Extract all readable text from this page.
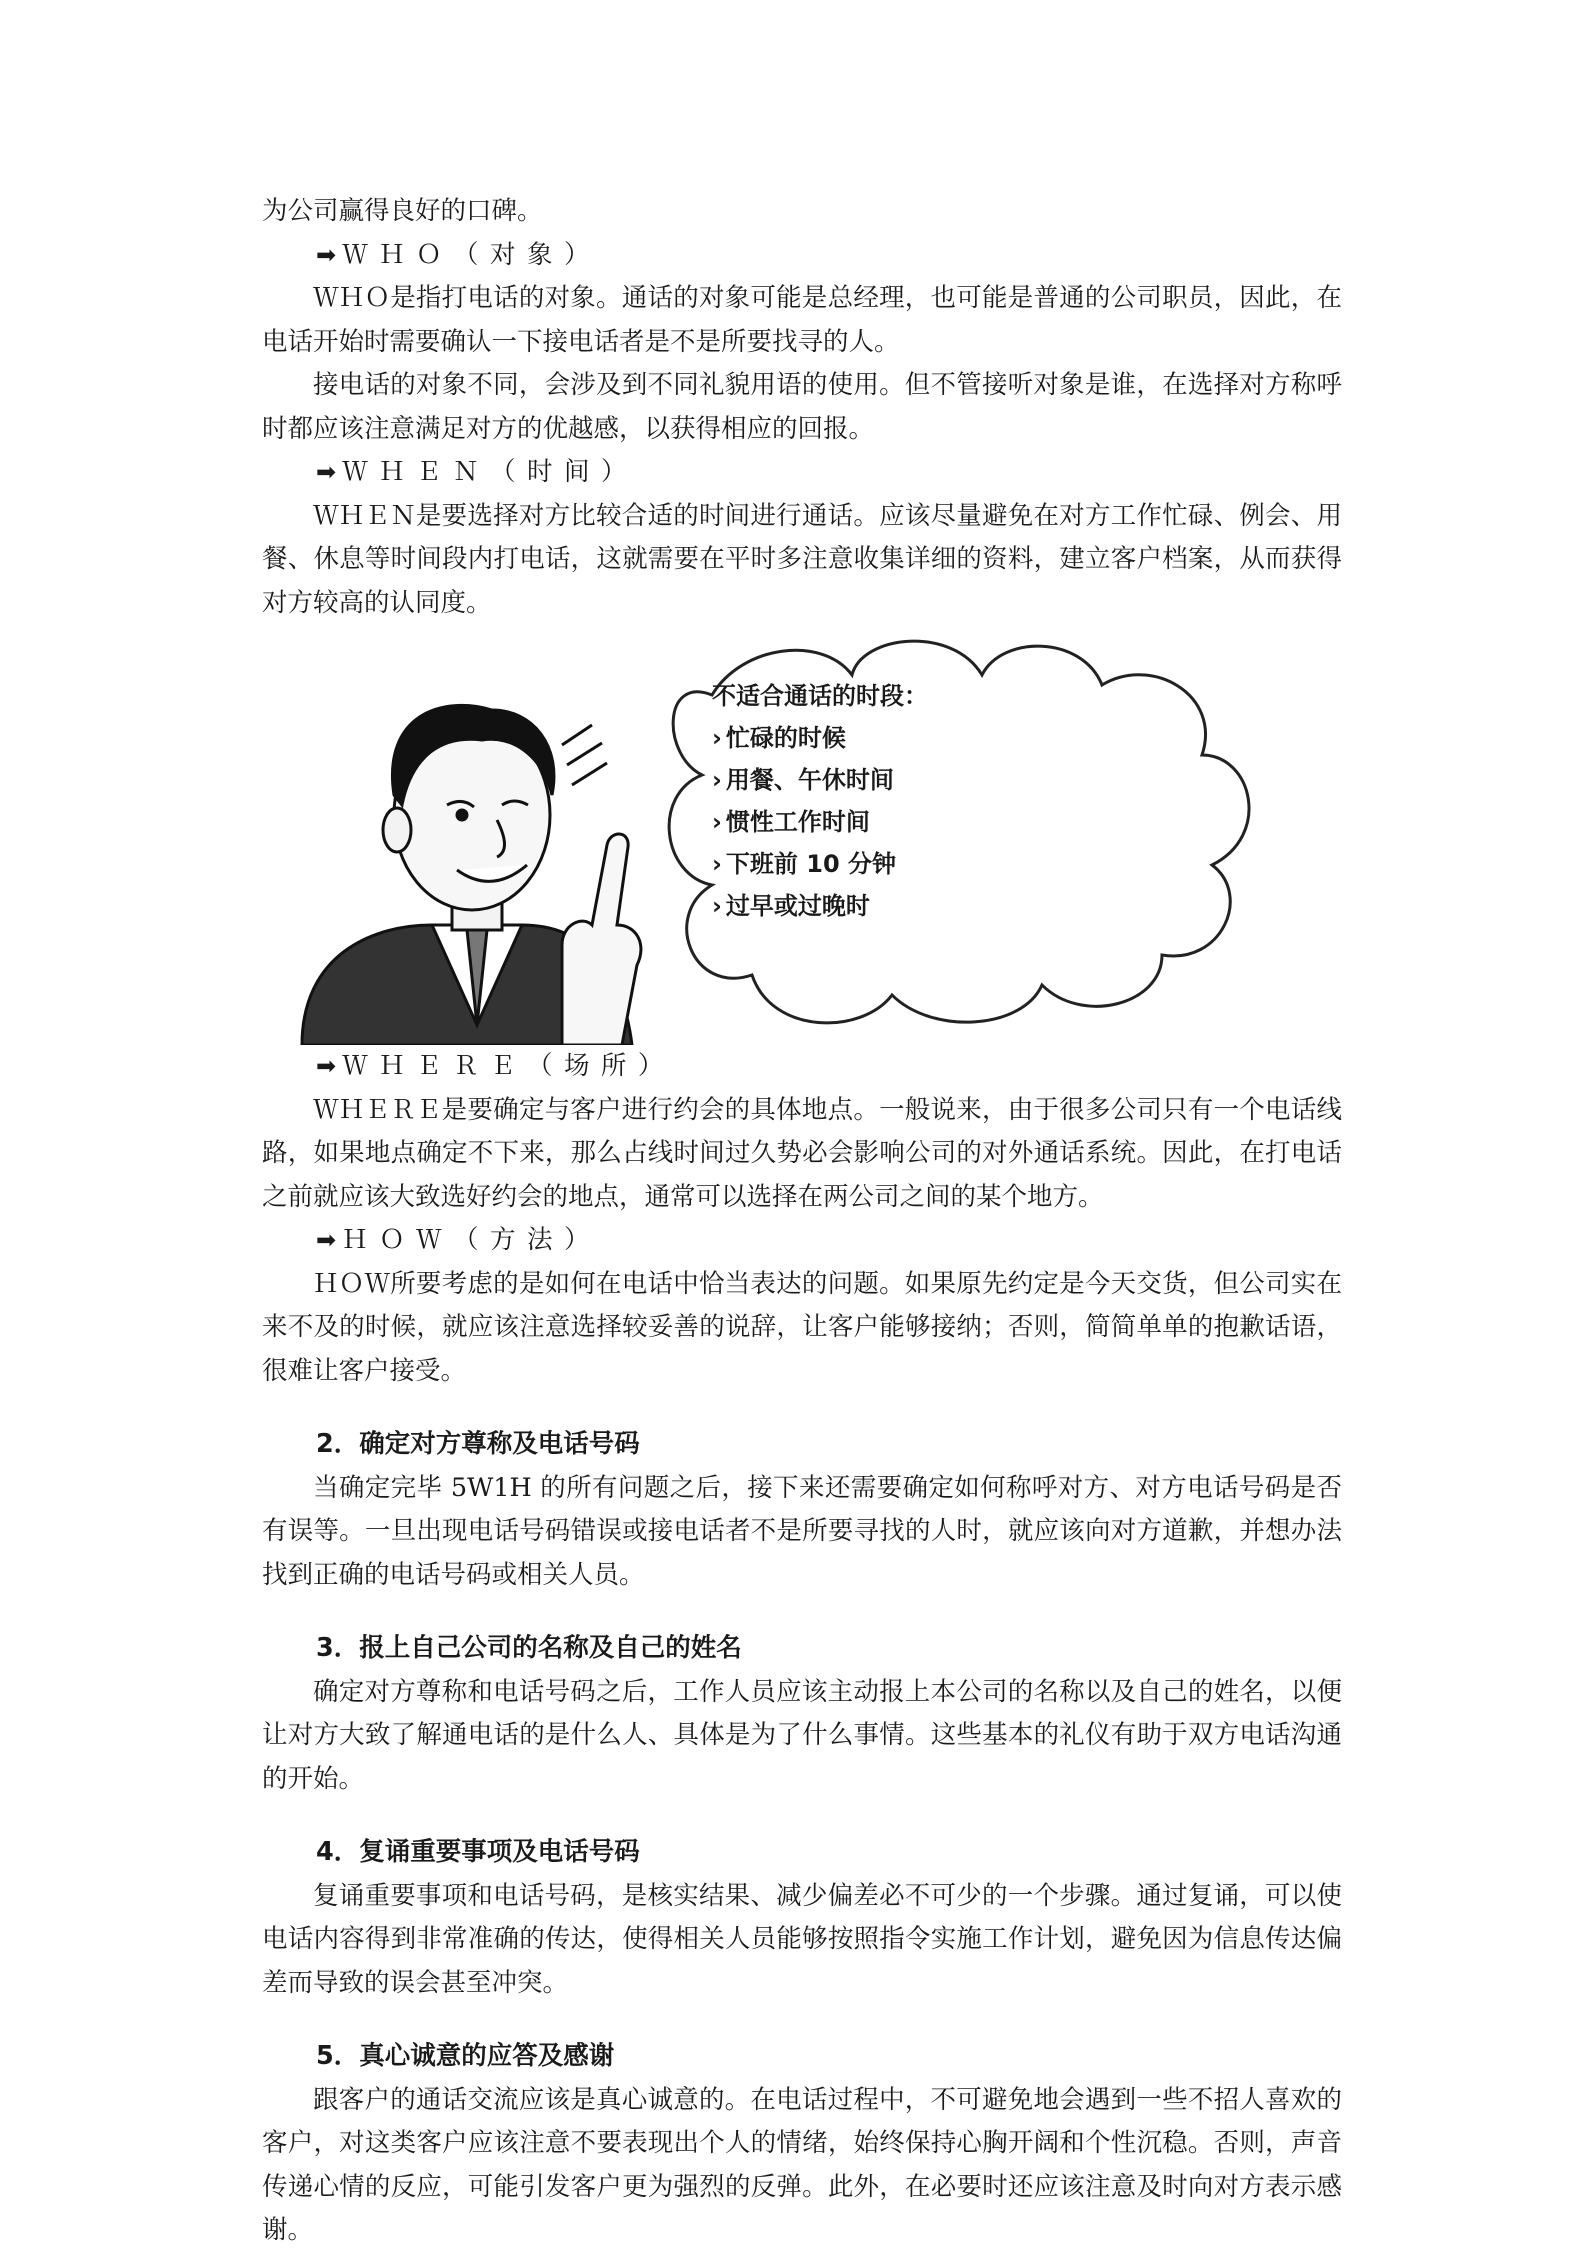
为公司赢得良好的口碑。

➡ ＷＨＯ（对象）

ＷＨＯ是指打电话的对象。通话的对象可能是总经理，也可能是普通的公司职员，因此，在电话开始时需要确认一下接电话者是不是所要找寻的人。

接电话的对象不同，会涉及到不同礼貌用语的使用。但不管接听对象是谁，在选择对方称呼时都应该注意满足对方的优越感，以获得相应的回报。

➡ ＷＨＥＮ（时间）

ＷＨＥＮ是要选择对方比较合适的时间进行通话。应该尽量避免在对方工作忙碌、例会、用餐、休息等时间段内打电话，这就需要在平时多注意收集详细的资料，建立客户档案，从而获得对方较高的认同度。

不适合通话的时段：
› 忙碌的时候
› 用餐、午休时间
› 惯性工作时间
› 下班前 10 分钟
› 过早或过晚时
➡ ＷＨＥＲＥ（场所）

ＷＨＥＲＥ是要确定与客户进行约会的具体地点。一般说来，由于很多公司只有一个电话线路，如果地点确定不下来，那么占线时间过久势必会影响公司的对外通话系统。因此，在打电话之前就应该大致选好约会的地点，通常可以选择在两公司之间的某个地方。

➡ ＨＯＷ（方法）

ＨＯＷ所要考虑的是如何在电话中恰当表达的问题。如果原先约定是今天交货，但公司实在来不及的时候，就应该注意选择较妥善的说辞，让客户能够接纳；否则，简简单单的抱歉话语，很难让客户接受。

2．确定对方尊称及电话号码

当确定完毕 5W1H 的所有问题之后，接下来还需要确定如何称呼对方、对方电话号码是否有误等。一旦出现电话号码错误或接电话者不是所要寻找的人时，就应该向对方道歉，并想办法找到正确的电话号码或相关人员。

3．报上自己公司的名称及自己的姓名

确定对方尊称和电话号码之后，工作人员应该主动报上本公司的名称以及自己的姓名，以便让对方大致了解通电话的是什么人、具体是为了什么事情。这些基本的礼仪有助于双方电话沟通的开始。

4．复诵重要事项及电话号码

复诵重要事项和电话号码，是核实结果、减少偏差必不可少的一个步骤。通过复诵，可以使电话内容得到非常准确的传达，使得相关人员能够按照指令实施工作计划，避免因为信息传达偏差而导致的误会甚至冲突。

5．真心诚意的应答及感谢

跟客户的通话交流应该是真心诚意的。在电话过程中，不可避免地会遇到一些不招人喜欢的客户，对这类客户应该注意不要表现出个人的情绪，始终保持心胸开阔和个性沉稳。否则，声音传递心情的反应，可能引发客户更为强烈的反弹。此外，在必要时还应该注意及时向对方表示感谢。
